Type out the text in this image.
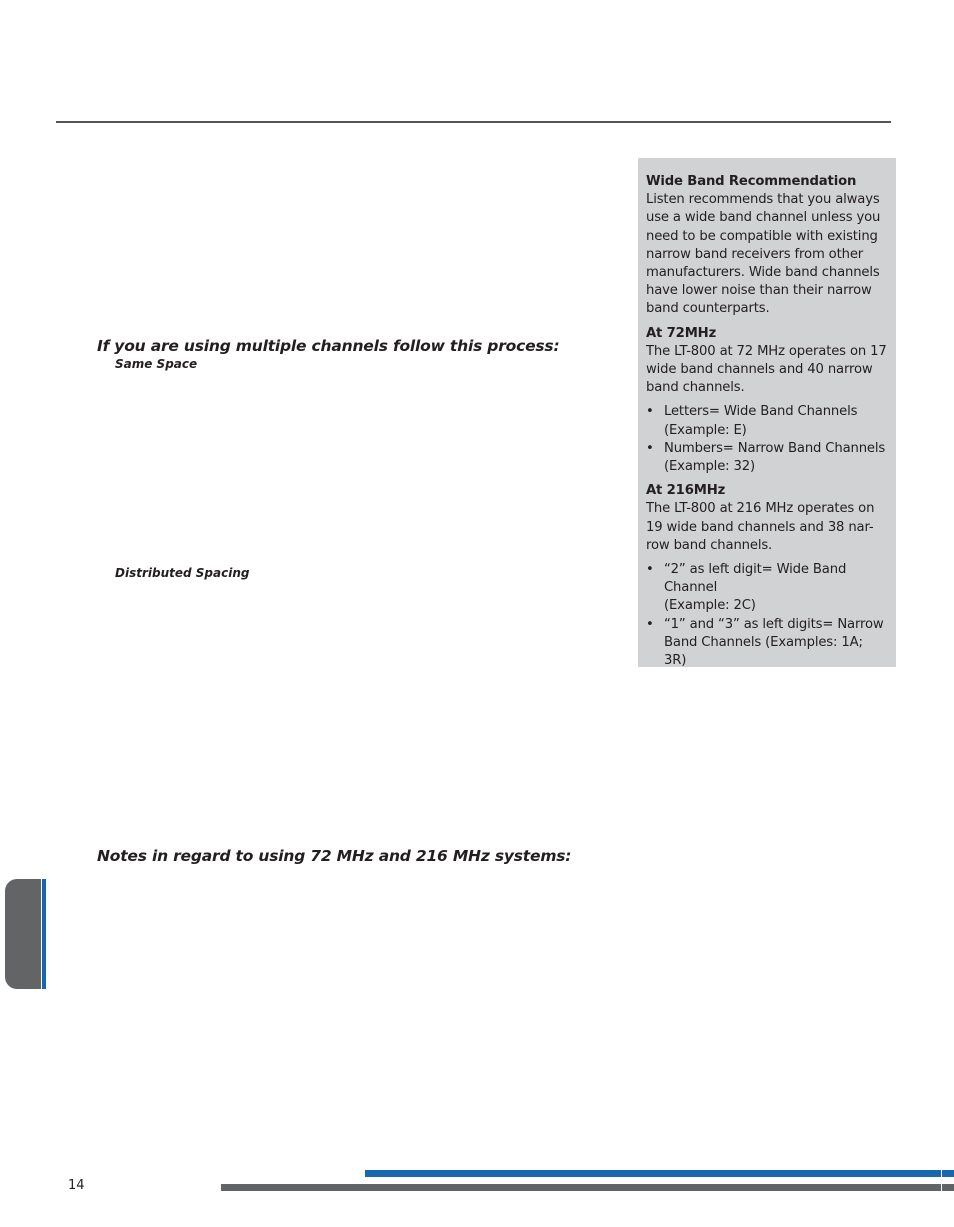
If you are using multiple channels follow this process:
Same Space
Distributed Spacing
Notes in regard to using 72 MHz and 216 MHz systems:

Wide Band Recommendation

Listen recommends that you always
use a wide band channel unless you
need to be compatible with existing
narrow band receivers from other
manufacturers. Wide band channels
have lower noise than their narrow
band counterparts.

At 72MHz

The LT-800 at 72 MHz operates on 17
wide band channels and 40 narrow
band channels.
• Letters= Wide Band Channels
(Example: E)
• Numbers= Narrow Band Channels
(Example: 32)

At 216MHz

The LT-800 at 216 MHz operates on
19 wide band channels and 38 nar-
row band channels.
• “2” as left digit= Wide Band
Channel
(Example: 2C)
• “1” and “3” as left digits= Narrow
Band Channels (Examples: 1A; 3R)
14
